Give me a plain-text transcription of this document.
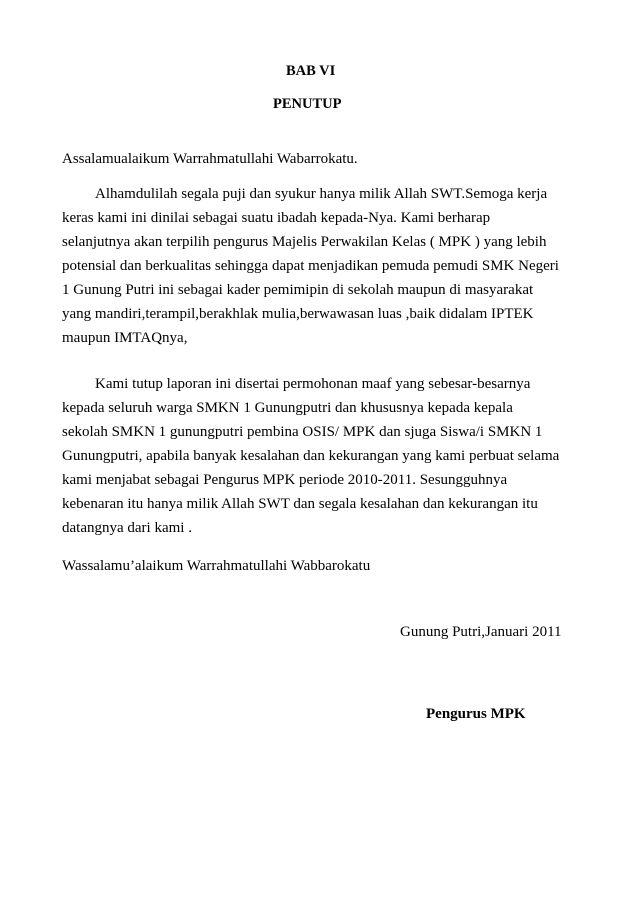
BAB VI
PENUTUP
Assalamualaikum Warrahmatullahi Wabarrokatu.
Alhamdulilah segala puji dan syukur hanya milik Allah SWT.Semoga kerja
keras kami ini dinilai sebagai suatu ibadah kepada-Nya. Kami berharap
selanjutnya akan terpilih pengurus Majelis Perwakilan Kelas ( MPK ) yang lebih
potensial dan berkualitas sehingga dapat menjadikan pemuda pemudi SMK Negeri
1 Gunung Putri ini sebagai kader pemimipin di sekolah maupun di masyarakat
yang mandiri,terampil,berakhlak mulia,berwawasan luas ,baik didalam IPTEK
maupun IMTAQnya,
Kami tutup laporan ini disertai permohonan maaf yang sebesar-besarnya
kepada seluruh warga SMKN 1 Gunungputri dan khususnya kepada kepala
sekolah SMKN 1 gunungputri pembina OSIS/ MPK dan sjuga Siswa/i SMKN 1
Gunungputri, apabila banyak kesalahan dan kekurangan yang kami perbuat selama
kami menjabat sebagai Pengurus MPK periode 2010-2011. Sesungguhnya
kebenaran itu hanya milik Allah SWT dan segala kesalahan dan kekurangan itu
datangnya dari kami .
Wassalamu’alaikum Warrahmatullahi Wabbarokatu
Gunung Putri,Januari 2011
Pengurus MPK
